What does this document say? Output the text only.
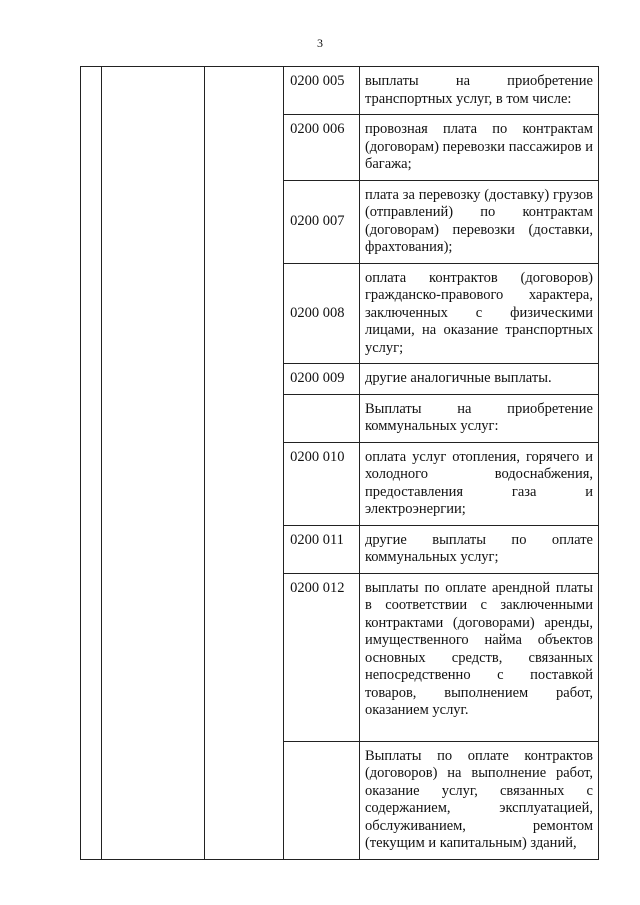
3
			0200 005	выплаты на приобретение транспортных услуг, в том числе:
			0200 006	провозная плата по контрактам (договорам) перевозки пассажиров и багажа;
			0200 007	плата за перевозку (доставку) грузов (отправлений) по контрактам (договорам) перевозки (доставки, фрахтования);
			0200 008	оплата контрактов (договоров) гражданско-правового характера, заключенных с физическими лицами, на оказание транспортных услуг;
			0200 009	другие аналогичные выплаты.
				Выплаты на приобретение коммунальных услуг:
			0200 010	оплата услуг отопления, горячего и холодного водоснабжения, предоставления газа и электроэнергии;
			0200 011	другие выплаты по оплате коммунальных услуг;
			0200 012	выплаты по оплате арендной платы в соответствии с заключенными контрактами (договорами) аренды, имущественного найма объектов основных средств, связанных непосредственно с поставкой товаров, выполнением работ, оказанием услуг.
				Выплаты по оплате контрактов (договоров) на выполнение работ, оказание услуг, связанных с содержанием, эксплуатацией, обслуживанием, ремонтом (текущим и капитальным) зданий,
